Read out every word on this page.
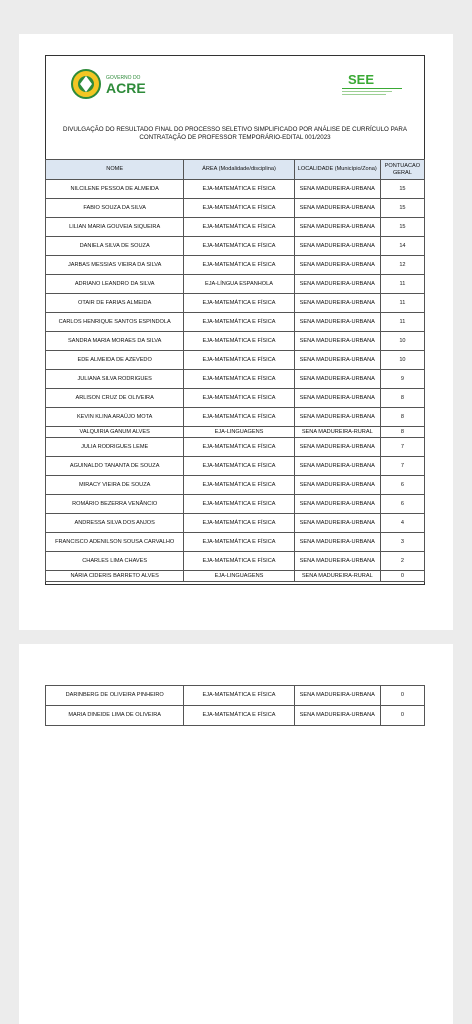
GOVERNO DO
ACRE
SEE
DIVULGAÇÃO DO RESULTADO FINAL DO PROCESSO SELETIVO SIMPLIFICADO POR ANÁLISE DE CURRÍCULO PARA
CONTRATAÇÃO DE PROFESSOR TEMPORÁRIO-EDITAL 001/2023
NOME	ÁREA (Modalidade/disciplina)	LOCALIDADE (Município/Zona)	PONTUACAO GERAL
NILCILENE PESSOA DE ALMEIDA	EJA-MATEMÁTICA E FÍSICA	SENA MADUREIRA-URBANA	15
FABIO SOUZA DA SILVA	EJA-MATEMÁTICA E FÍSICA	SENA MADUREIRA-URBANA	15
LILIAN MARIA GOUVEIA SIQUEIRA	EJA-MATEMÁTICA E FÍSICA	SENA MADUREIRA-URBANA	15
DANIELA SILVA DE SOUZA	EJA-MATEMÁTICA E FÍSICA	SENA MADUREIRA-URBANA	14
JARBAS MESSIAS VIEIRA DA SILVA	EJA-MATEMÁTICA E FÍSICA	SENA MADUREIRA-URBANA	12
ADRIANO LEANDRO DA SILVA	EJA-LÍNGUA ESPANHOLA	SENA MADUREIRA-URBANA	11
OTAIR DE FARIAS ALMEIDA	EJA-MATEMÁTICA E FÍSICA	SENA MADUREIRA-URBANA	11
CARLOS HENRIQUE SANTOS ESPINDOLA	EJA-MATEMÁTICA E FÍSICA	SENA MADUREIRA-URBANA	11
SANDRA MARIA MORAES DA SILVA	EJA-MATEMÁTICA E FÍSICA	SENA MADUREIRA-URBANA	10
EDE ALMEIDA DE AZEVEDO	EJA-MATEMÁTICA E FÍSICA	SENA MADUREIRA-URBANA	10
JULIANA SILVA RODRIGUES	EJA-MATEMÁTICA E FÍSICA	SENA MADUREIRA-URBANA	9
ARLISON CRUZ DE OLIVEIRA	EJA-MATEMÁTICA E FÍSICA	SENA MADUREIRA-URBANA	8
KEVIN KLINA ARAÚJO MOTA	EJA-MATEMÁTICA E FÍSICA	SENA MADUREIRA-URBANA	8
VALQUIRIA GANUM ALVES	EJA-LINGUAGENS	SENA MADUREIRA-RURAL	8
JULIA RODRIGUES LEME	EJA-MATEMÁTICA E FÍSICA	SENA MADUREIRA-URBANA	7
AGUINALDO TANANTA DE SOUZA	EJA-MATEMÁTICA E FÍSICA	SENA MADUREIRA-URBANA	7
MIRACY VIEIRA DE SOUZA	EJA-MATEMÁTICA E FÍSICA	SENA MADUREIRA-URBANA	6
ROMÁRIO BEZERRA VENÂNCIO	EJA-MATEMÁTICA E FÍSICA	SENA MADUREIRA-URBANA	6
ANDRESSA SILVA DOS ANJOS	EJA-MATEMÁTICA E FÍSICA	SENA MADUREIRA-URBANA	4
FRANCISCO ADENILSON SOUSA CARVALHO	EJA-MATEMÁTICA E FÍSICA	SENA MADUREIRA-URBANA	3
CHARLES LIMA CHAVES	EJA-MATEMÁTICA E FÍSICA	SENA MADUREIRA-URBANA	2
NÁRIA CIDERIS BARRETO ALVES	EJA-LINGUAGENS	SENA MADUREIRA-RURAL	0
DARINBERG DE OLIVEIRA PINHEIRO	EJA-MATEMÁTICA E FÍSICA	SENA MADUREIRA-URBANA	0
MARIA DINEIDE LIMA DE OLIVEIRA	EJA-MATEMÁTICA E FÍSICA	SENA MADUREIRA-URBANA	0
